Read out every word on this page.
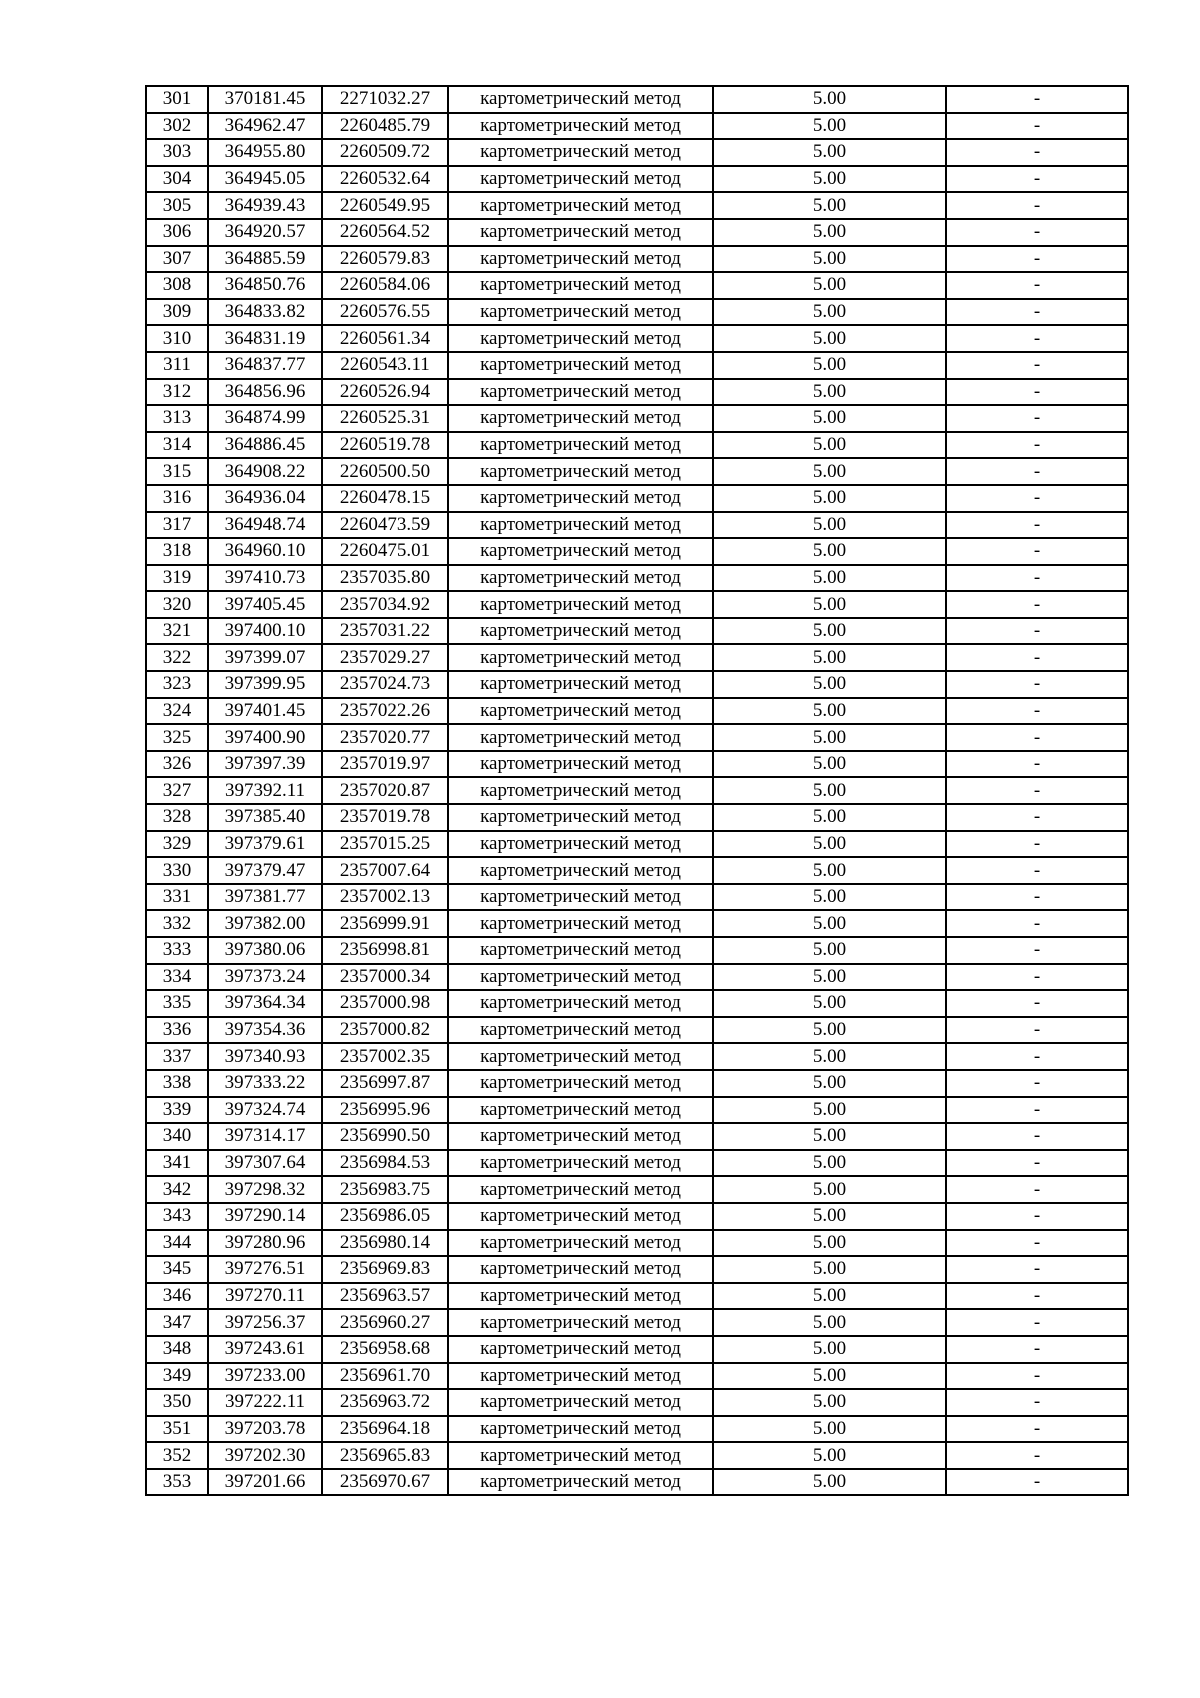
301	370181.45	2271032.27	картометрический метод	5.00	-
302	364962.47	2260485.79	картометрический метод	5.00	-
303	364955.80	2260509.72	картометрический метод	5.00	-
304	364945.05	2260532.64	картометрический метод	5.00	-
305	364939.43	2260549.95	картометрический метод	5.00	-
306	364920.57	2260564.52	картометрический метод	5.00	-
307	364885.59	2260579.83	картометрический метод	5.00	-
308	364850.76	2260584.06	картометрический метод	5.00	-
309	364833.82	2260576.55	картометрический метод	5.00	-
310	364831.19	2260561.34	картометрический метод	5.00	-
311	364837.77	2260543.11	картометрический метод	5.00	-
312	364856.96	2260526.94	картометрический метод	5.00	-
313	364874.99	2260525.31	картометрический метод	5.00	-
314	364886.45	2260519.78	картометрический метод	5.00	-
315	364908.22	2260500.50	картометрический метод	5.00	-
316	364936.04	2260478.15	картометрический метод	5.00	-
317	364948.74	2260473.59	картометрический метод	5.00	-
318	364960.10	2260475.01	картометрический метод	5.00	-
319	397410.73	2357035.80	картометрический метод	5.00	-
320	397405.45	2357034.92	картометрический метод	5.00	-
321	397400.10	2357031.22	картометрический метод	5.00	-
322	397399.07	2357029.27	картометрический метод	5.00	-
323	397399.95	2357024.73	картометрический метод	5.00	-
324	397401.45	2357022.26	картометрический метод	5.00	-
325	397400.90	2357020.77	картометрический метод	5.00	-
326	397397.39	2357019.97	картометрический метод	5.00	-
327	397392.11	2357020.87	картометрический метод	5.00	-
328	397385.40	2357019.78	картометрический метод	5.00	-
329	397379.61	2357015.25	картометрический метод	5.00	-
330	397379.47	2357007.64	картометрический метод	5.00	-
331	397381.77	2357002.13	картометрический метод	5.00	-
332	397382.00	2356999.91	картометрический метод	5.00	-
333	397380.06	2356998.81	картометрический метод	5.00	-
334	397373.24	2357000.34	картометрический метод	5.00	-
335	397364.34	2357000.98	картометрический метод	5.00	-
336	397354.36	2357000.82	картометрический метод	5.00	-
337	397340.93	2357002.35	картометрический метод	5.00	-
338	397333.22	2356997.87	картометрический метод	5.00	-
339	397324.74	2356995.96	картометрический метод	5.00	-
340	397314.17	2356990.50	картометрический метод	5.00	-
341	397307.64	2356984.53	картометрический метод	5.00	-
342	397298.32	2356983.75	картометрический метод	5.00	-
343	397290.14	2356986.05	картометрический метод	5.00	-
344	397280.96	2356980.14	картометрический метод	5.00	-
345	397276.51	2356969.83	картометрический метод	5.00	-
346	397270.11	2356963.57	картометрический метод	5.00	-
347	397256.37	2356960.27	картометрический метод	5.00	-
348	397243.61	2356958.68	картометрический метод	5.00	-
349	397233.00	2356961.70	картометрический метод	5.00	-
350	397222.11	2356963.72	картометрический метод	5.00	-
351	397203.78	2356964.18	картометрический метод	5.00	-
352	397202.30	2356965.83	картометрический метод	5.00	-
353	397201.66	2356970.67	картометрический метод	5.00	-
